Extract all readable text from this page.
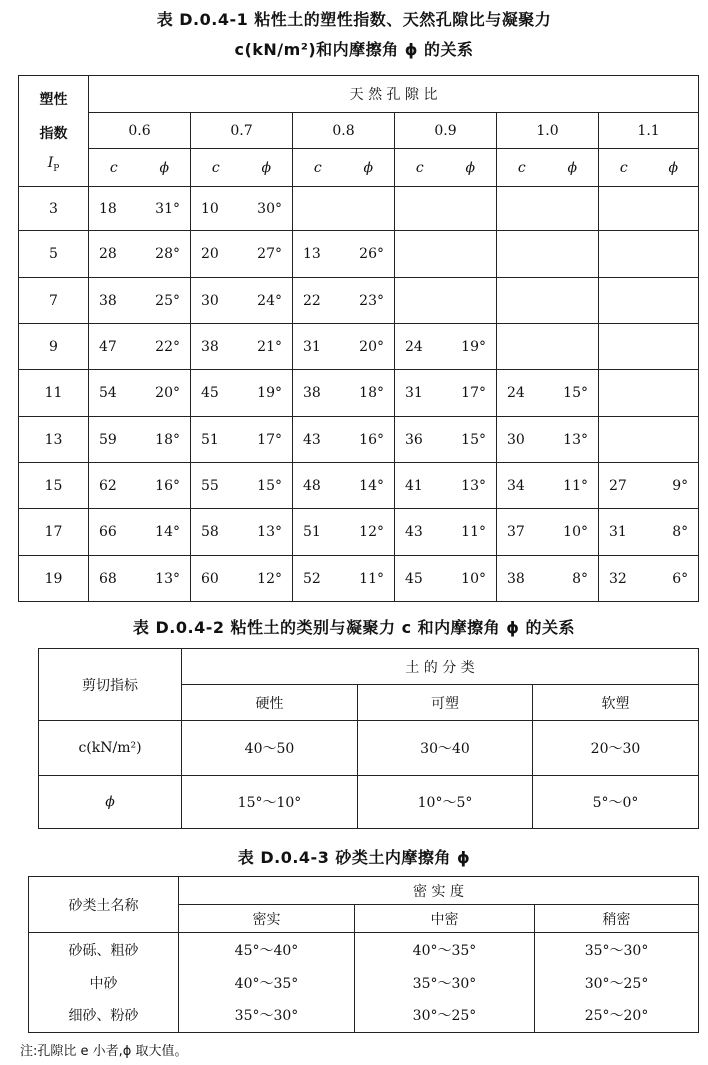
表 D.0.4-1 粘性土的塑性指数、天然孔隙比与凝聚力
c(kN/m²)和内摩擦角 ϕ 的关系
塑性
指数
$I_P$	天 然 孔 隙 比											
	0.6		0.7		0.8		0.9		1.0		1.1	
	c	ϕ	c	ϕ	c	ϕ	c	ϕ	c	ϕ	c	ϕ
3	18	31°	10	30°								
5	28	28°	20	27°	13	26°						
7	38	25°	30	24°	22	23°						
9	47	22°	38	21°	31	20°	24	19°				
11	54	20°	45	19°	38	18°	31	17°	24	15°		
13	59	18°	51	17°	43	16°	36	15°	30	13°		
15	62	16°	55	15°	48	14°	41	13°	34	11°	27	9°
17	66	14°	58	13°	51	12°	43	11°	37	10°	31	8°
19	68	13°	60	12°	52	11°	45	10°	38	8°	32	6°
表 D.0.4-2 粘性土的类别与凝聚力 c 和内摩擦角 ϕ 的关系
剪切指标	土 的 分 类		
	硬性	可塑	软塑
c(kN/m²)	40～50	30～40	20～30
ϕ	15°～10°	10°～5°	5°～0°
表 D.0.4-3 砂类土内摩擦角 ϕ
砂类土名称	密 实 度		
	密实	中密	稍密
砂砾、粗砂	45°～40°	40°～35°	35°～30°
中砂	40°～35°	35°～30°	30°～25°
细砂、粉砂	35°～30°	30°～25°	25°～20°
注:孔隙比 e 小者,ϕ 取大值。
